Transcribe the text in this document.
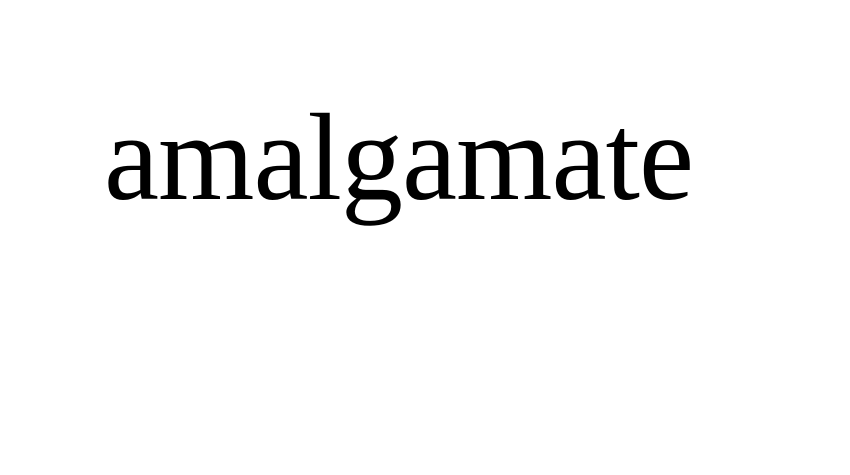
amalgamate
